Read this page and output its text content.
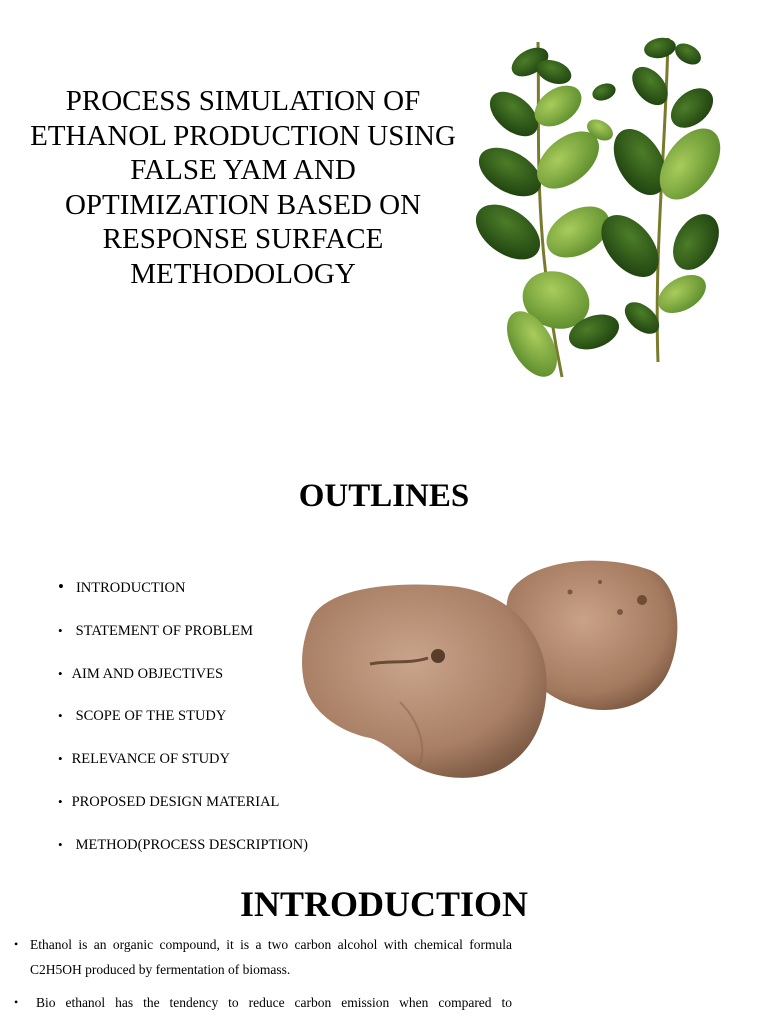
PROCESS SIMULATION OF ETHANOL PRODUCTION USING FALSE YAM AND OPTIMIZATION BASED ON RESPONSE SURFACE METHODOLOGY
OUTLINES
• INTRODUCTION
• STATEMENT OF PROBLEM
• AIM AND OBJECTIVES
• SCOPE OF THE STUDY
• RELEVANCE OF STUDY
• PROPOSED DESIGN MATERIAL
• METHOD(PROCESS DESCRIPTION)
INTRODUCTION
• Ethanol is an organic compound, it is a two carbon alcohol with chemical formula C2H5OH produced by fermentation of biomass.
•	Bio ethanol has the tendency to reduce carbon emission when compared to
